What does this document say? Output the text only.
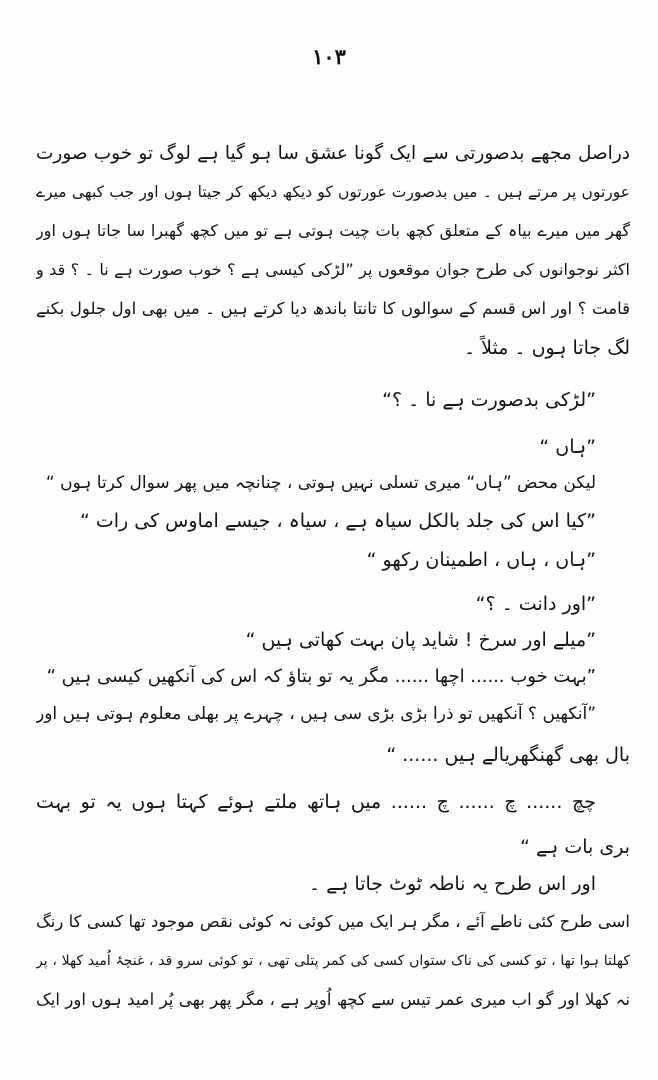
۱۰۳
دراصل مجھے بدصورتی سے ایک گونا عشق سا ہو گیا ہے لوگ تو خوب صورت
عورتوں پر مرتے ہیں ۔ میں بدصورت عورتوں کو دیکھ دیکھ کر جیتا ہوں اور جب کبھی میرے
گھر میں میرے بیاہ کے متعلق کچھ بات چیت ہوتی ہے تو میں کچھ گھبرا سا جاتا ہوں اور
اکثر نوجوانوں کی طرح جوان موقعوں پر ”لڑکی کیسی ہے ؟ خوب صورت ہے نا ۔ ؟ قد و
قامت ؟ اور اس قسم کے سوالوں کا تانتا باندھ دیا کرتے ہیں ۔ میں بھی اول جلول بکنے
لگ جاتا ہوں ۔ مثلاً ۔
”لڑکی بدصورت ہے نا ۔ ؟“
”ہاں “
لیکن محض ”ہاں“ میری تسلی نہیں ہوتی ، چنانچہ میں پھر سوال کرتا ہوں “
”کیا اس کی جلد بالکل سیاہ ہے ، سیاہ ، جیسے اماوس کی رات “
”ہاں ، ہاں ، اطمینان رکھو “
”اور دانت ۔ ؟“
”میلے اور سرخ ! شاید پان بہت کھاتی ہیں “
”بہت خوب ...... اچھا ...... مگر یہ تو بتاؤ کہ اس کی آنکھیں کیسی ہیں “
”آنکھیں ؟ آنکھیں تو ذرا بڑی بڑی سی ہیں ، چہرے پر بھلی معلوم ہوتی ہیں اور
بال بھی گھنگھریالے ہیں ...... “
چچ ...... چ ...... چ ...... میں ہاتھ ملتے ہوئے کہتا ہوں یہ تو بہت
بری بات ہے “
اور اس طرح یہ ناطہ ٹوٹ جاتا ہے ۔
اسی طرح کئی ناطے آئے ، مگر ہر ایک میں کوئی نہ کوئی نقص موجود تھا کسی کا رنگ
کھلتا ہوا تھا ، تو کسی کی ناک ستواں کسی کی کمر پتلی تھی ، تو کوئی سرو قد ، غنچۂ اُمید کھلا ، پر
نہ کھلا اور گو اب میری عمر تیس سے کچھ اُوپر ہے ، مگر پھر بھی پُر امید ہوں اور ایک
